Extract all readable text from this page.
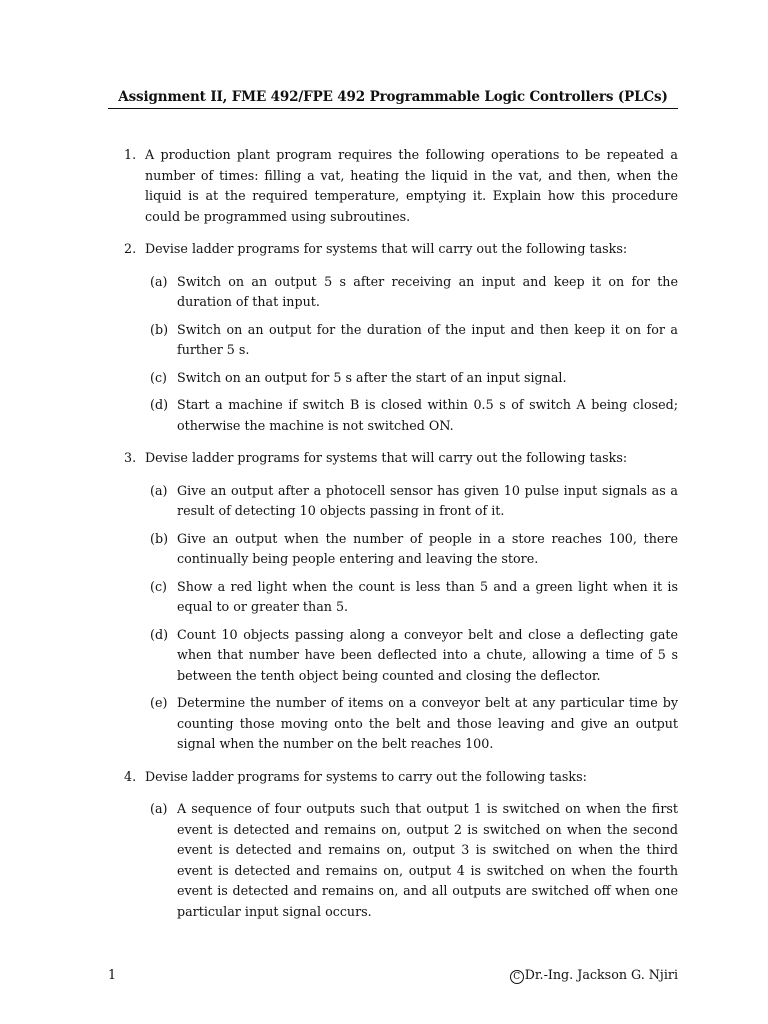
Assignment II, FME 492/FPE 492 Programmable Logic Controllers (PLCs)
1. A production plant program requires the following operations to be repeated a number of times: filling a vat, heating the liquid in the vat, and then, when the liquid is at the required temperature, emptying it. Explain how this procedure could be programmed using subroutines.
2. Devise ladder programs for systems that will carry out the following tasks:
(a) Switch on an output 5 s after receiving an input and keep it on for the duration of that input.
(b) Switch on an output for the duration of the input and then keep it on for a further 5 s.
(c) Switch on an output for 5 s after the start of an input signal.
(d) Start a machine if switch B is closed within 0.5 s of switch A being closed; otherwise the machine is not switched ON.
3. Devise ladder programs for systems that will carry out the following tasks:
(a) Give an output after a photocell sensor has given 10 pulse input signals as a result of detecting 10 objects passing in front of it.
(b) Give an output when the number of people in a store reaches 100, there continually being people entering and leaving the store.
(c) Show a red light when the count is less than 5 and a green light when it is equal to or greater than 5.
(d) Count 10 objects passing along a conveyor belt and close a deflecting gate when that number have been deflected into a chute, allowing a time of 5 s between the tenth object being counted and closing the deflector.
(e) Determine the number of items on a conveyor belt at any particular time by counting those moving onto the belt and those leaving and give an output signal when the number on the belt reaches 100.
4. Devise ladder programs for systems to carry out the following tasks:
(a) A sequence of four outputs such that output 1 is switched on when the first event is detected and remains on, output 2 is switched on when the second event is detected and remains on, output 3 is switched on when the third event is detected and remains on, output 4 is switched on when the fourth event is detected and remains on, and all outputs are switched off when one particular input signal occurs.
1	C Dr.-Ing. Jackson G. Njiri
